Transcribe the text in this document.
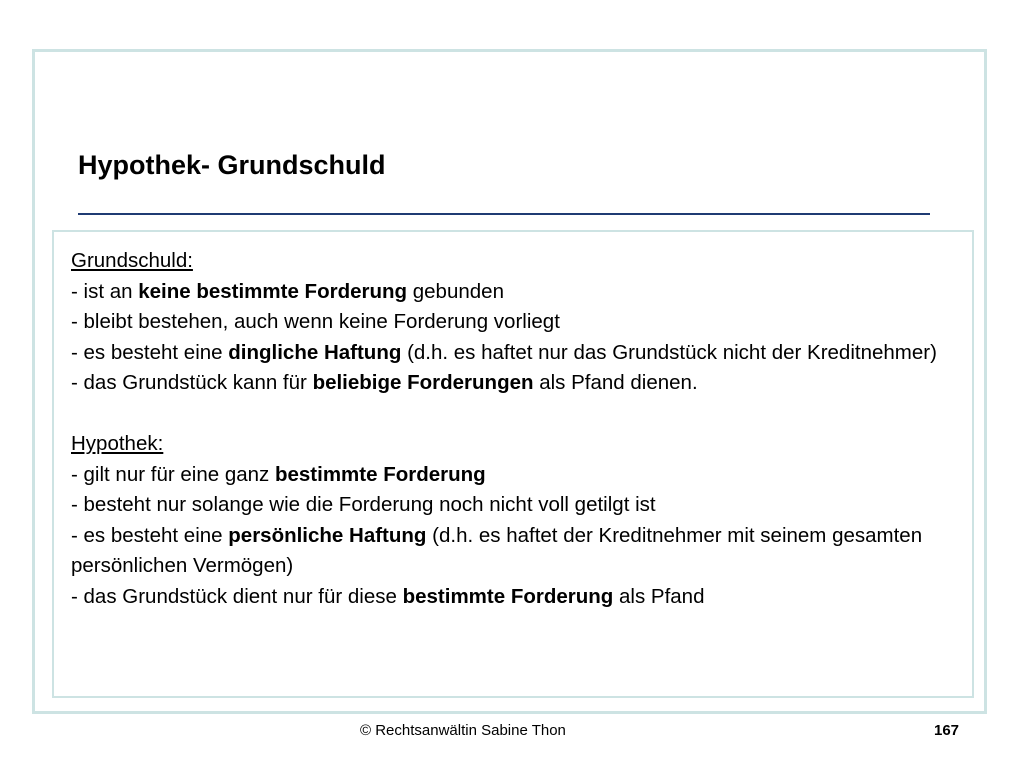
Hypothek- Grundschuld

Grundschuld:

- ist an keine bestimmte Forderung gebunden

- bleibt bestehen, auch wenn keine Forderung vorliegt

- es besteht eine dingliche Haftung (d.h. es haftet nur das Grundstück nicht der Kreditnehmer)

- das Grundstück kann für beliebige Forderungen als Pfand dienen.

Hypothek:

- gilt nur für eine ganz bestimmte Forderung

- besteht nur solange wie die Forderung noch nicht voll getilgt ist

- es besteht eine persönliche Haftung (d.h. es haftet der Kreditnehmer mit seinem gesamten persönlichen Vermögen)

- das Grundstück dient nur für diese bestimmte Forderung als Pfand

© Rechtsanwältin Sabine Thon	167
